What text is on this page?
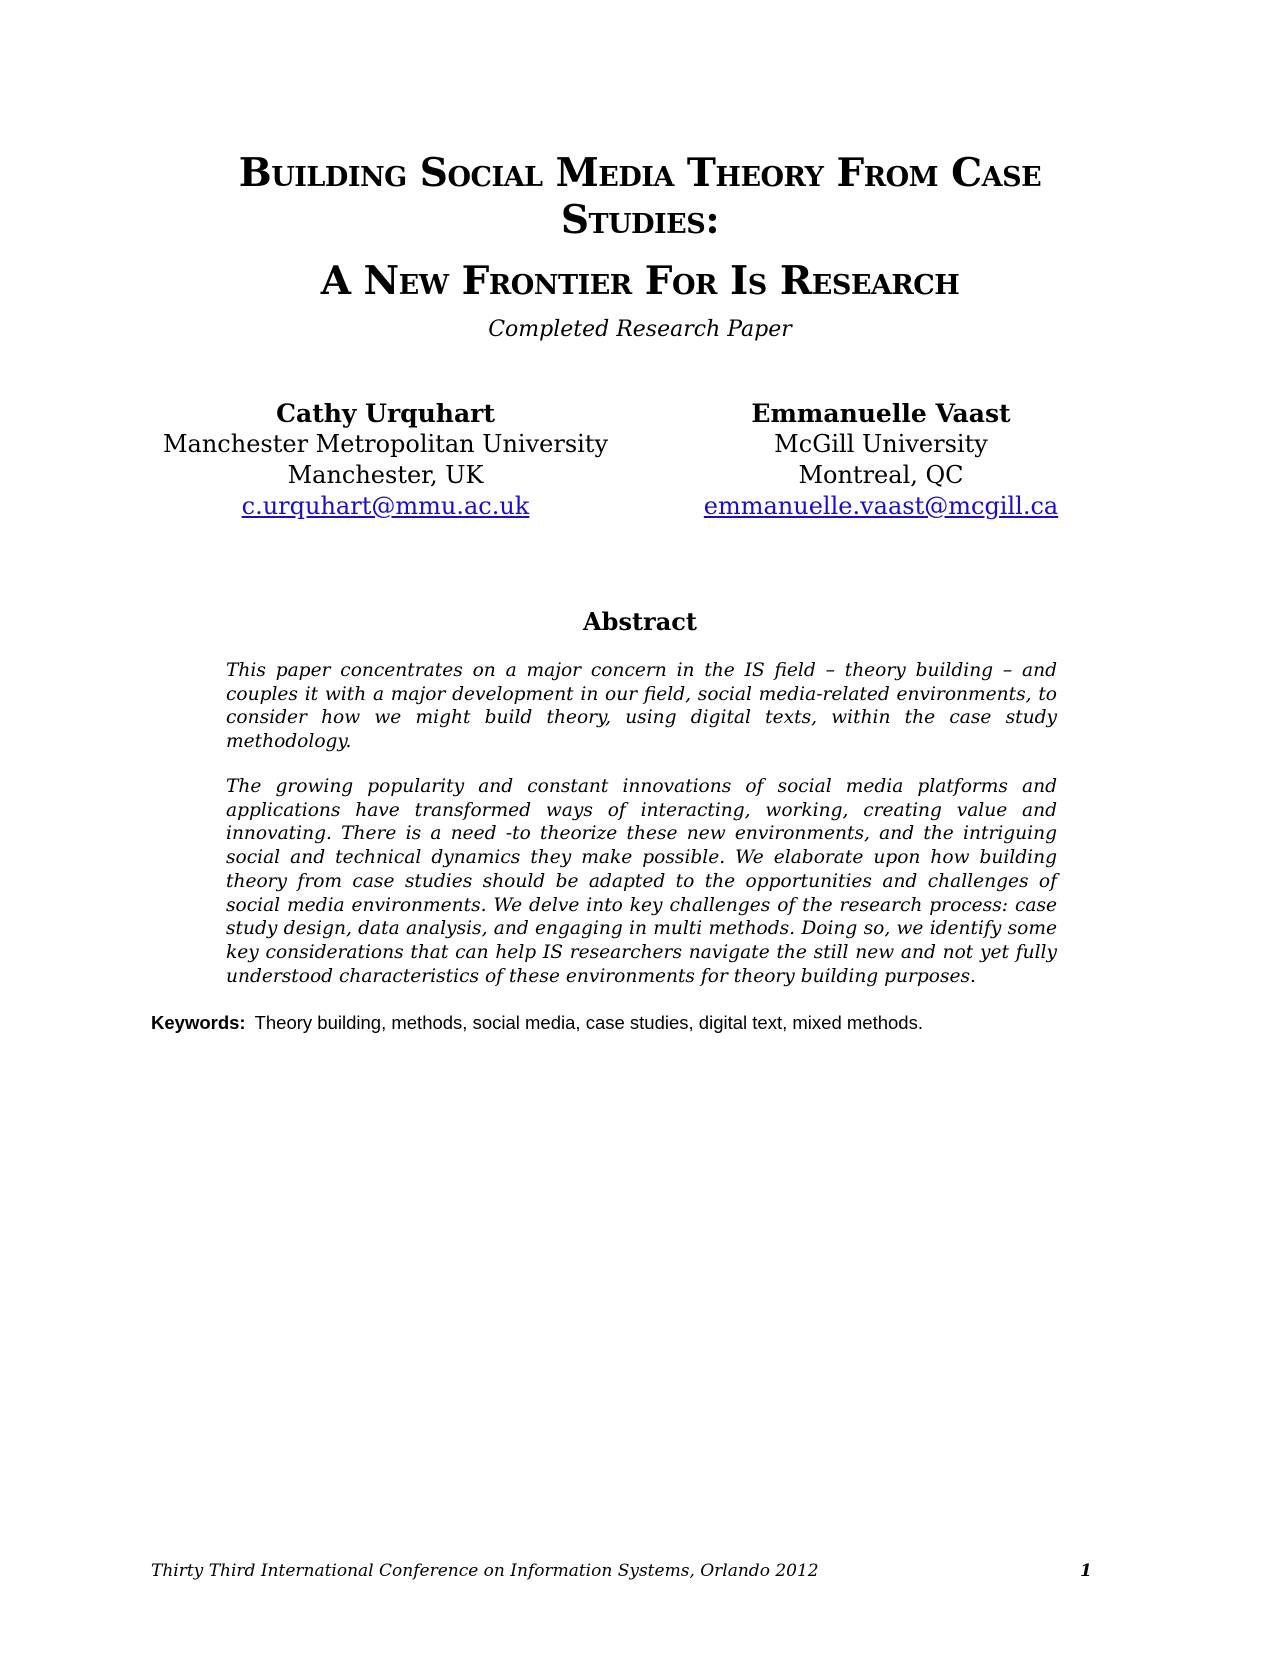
Building Social Media Theory From Case
Studies:
A New Frontier For Is Research
Completed Research Paper
Cathy Urquhart
Manchester Metropolitan University
Manchester, UK
c.urquhart@mmu.ac.uk
Emmanuelle Vaast
McGill University
Montreal, QC
emmanuelle.vaast@mcgill.ca
Abstract

This paper concentrates on a major concern in the IS field – theory building – and couples it with a major development in our field, social media-related environments, to consider how we might build theory, using digital texts, within the case study methodology.

The growing popularity and constant innovations of social media platforms and applications have transformed ways of interacting, working, creating value and innovating. There is a need -to theorize these new environments, and the intriguing social and technical dynamics they make possible. We elaborate upon how building theory from case studies should be adapted to the opportunities and challenges of social media environments. We delve into key challenges of the research process: case study design, data analysis, and engaging in multi methods. Doing so, we identify some key considerations that can help IS researchers navigate the still new and not yet fully understood characteristics of these environments for theory building purposes.

Keywords: Theory building, methods, social media, case studies, digital text, mixed methods.
Thirty Third International Conference on Information Systems, Orlando 2012	1
